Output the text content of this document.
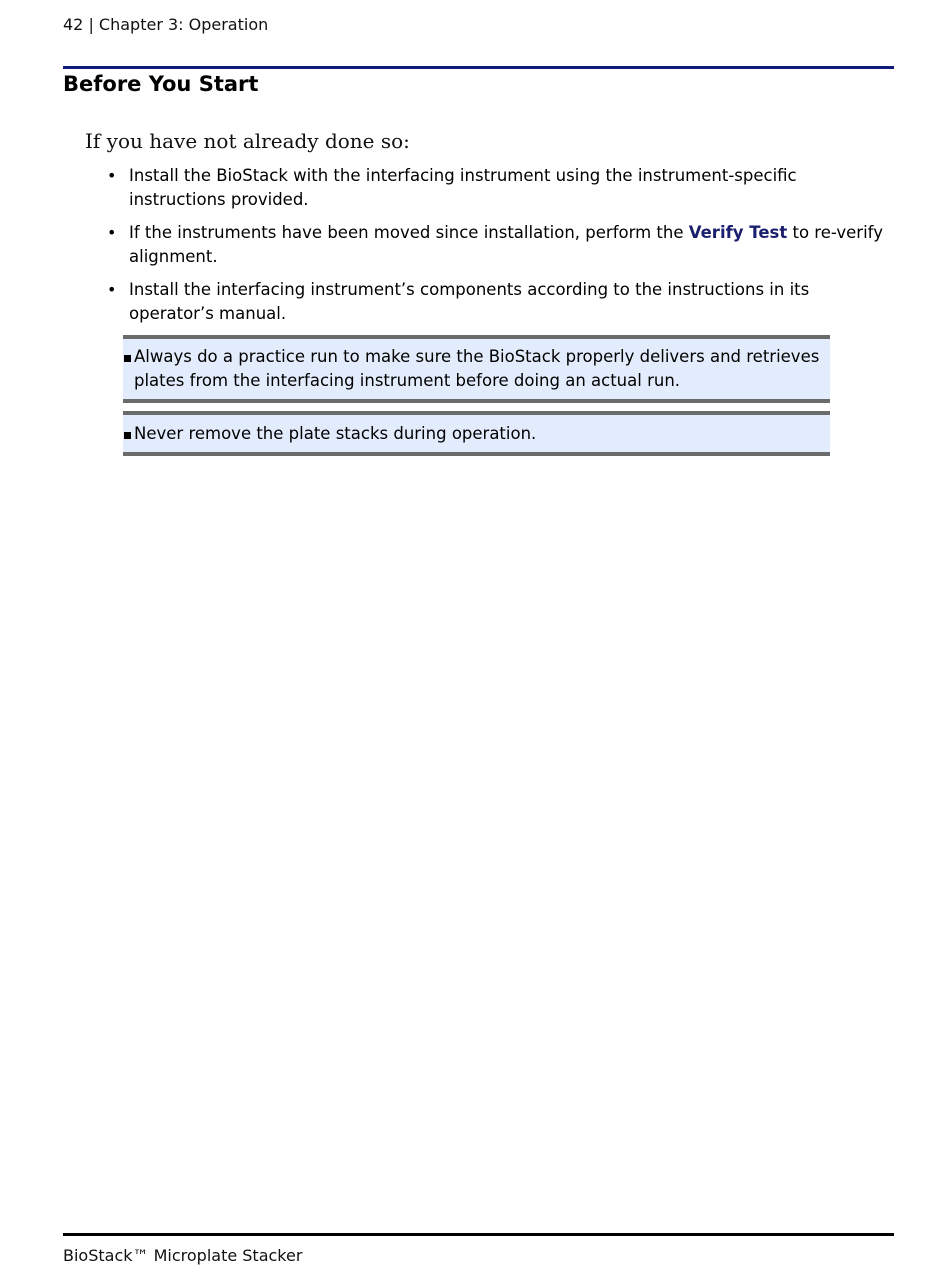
42 | Chapter 3: Operation
Before You Start
If you have not already done so:
• Install the BioStack with the interfacing instrument using the instrument-specific instructions provided.
• If the instruments have been moved since installation, perform the Verify Test to re-verify alignment.
• Install the interfacing instrument’s components according to the instructions in its operator’s manual.
Always do a practice run to make sure the BioStack properly delivers and retrieves plates from the interfacing instrument before doing an actual run.
Never remove the plate stacks during operation.
BioStack™ Microplate Stacker
